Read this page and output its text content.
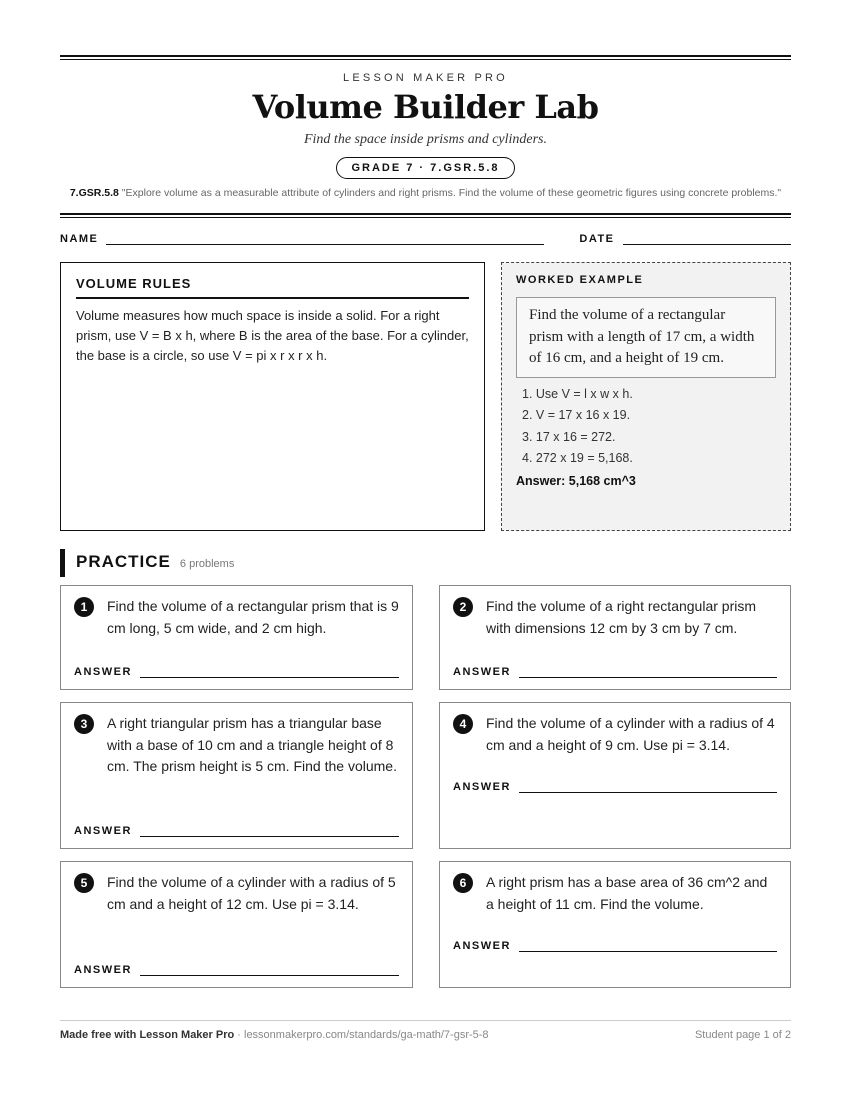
LESSON MAKER PRO
Volume Builder Lab
Find the space inside prisms and cylinders.
GRADE 7 · 7.GSR.5.8
7.GSR.5.8 "Explore volume as a measurable attribute of cylinders and right prisms. Find the volume of these geometric figures using concrete problems."
NAME	DATE
VOLUME RULES
Volume measures how much space is inside a solid. For a right prism, use V = B x h, where B is the area of the base. For a cylinder, the base is a circle, so use V = pi x r x r x h.
WORKED EXAMPLE
Find the volume of a rectangular prism with a length of 17 cm, a width of 16 cm, and a height of 19 cm.
1. Use V = l x w x h.
2. V = 17 x 16 x 19.
3. 17 x 16 = 272.
4. 272 x 19 = 5,168.
Answer: 5,168 cm^3
PRACTICE 6 problems
1	Find the volume of a rectangular prism that is 9 cm long, 5 cm wide, and 2 cm high.
ANSWER
2	Find the volume of a right rectangular prism with dimensions 12 cm by 3 cm by 7 cm.
ANSWER
3	A right triangular prism has a triangular base with a base of 10 cm and a triangle height of 8 cm. The prism height is 5 cm. Find the volume.
ANSWER
4	Find the volume of a cylinder with a radius of 4 cm and a height of 9 cm. Use pi = 3.14.
ANSWER
5	Find the volume of a cylinder with a radius of 5 cm and a height of 12 cm. Use pi = 3.14.
ANSWER
6	A right prism has a base area of 36 cm^2 and a height of 11 cm. Find the volume.
ANSWER
Made free with Lesson Maker Pro · lessonmakerpro.com/standards/ga-math/7-gsr-5-8	Student page 1 of 2
